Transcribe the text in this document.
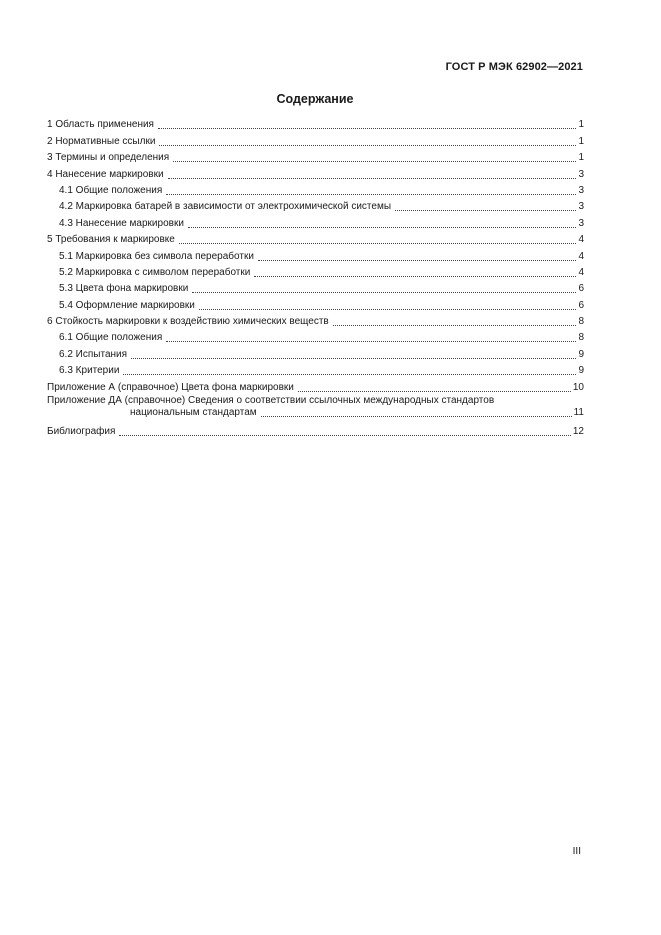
ГОСТ Р МЭК 62902—2021
Содержание
1 Область применения	1
2 Нормативные ссылки	1
3 Термины и определения	1
4 Нанесение маркировки	3
4.1 Общие положения	3
4.2 Маркировка батарей в зависимости от электрохимической системы	3
4.3 Нанесение маркировки	3
5 Требования к маркировке	4
5.1 Маркировка без символа переработки	4
5.2 Маркировка с символом переработки	4
5.3 Цвета фона маркировки	6
5.4 Оформление маркировки	6
6 Стойкость маркировки к воздействию химических веществ	8
6.1 Общие положения	8
6.2 Испытания	9
6.3 Критерии	9
Приложение А (справочное) Цвета фона маркировки	10
Приложение ДА (справочное) Сведения о соответствии ссылочных международных стандартов
национальным стандартам	11
Библиография	12
III
